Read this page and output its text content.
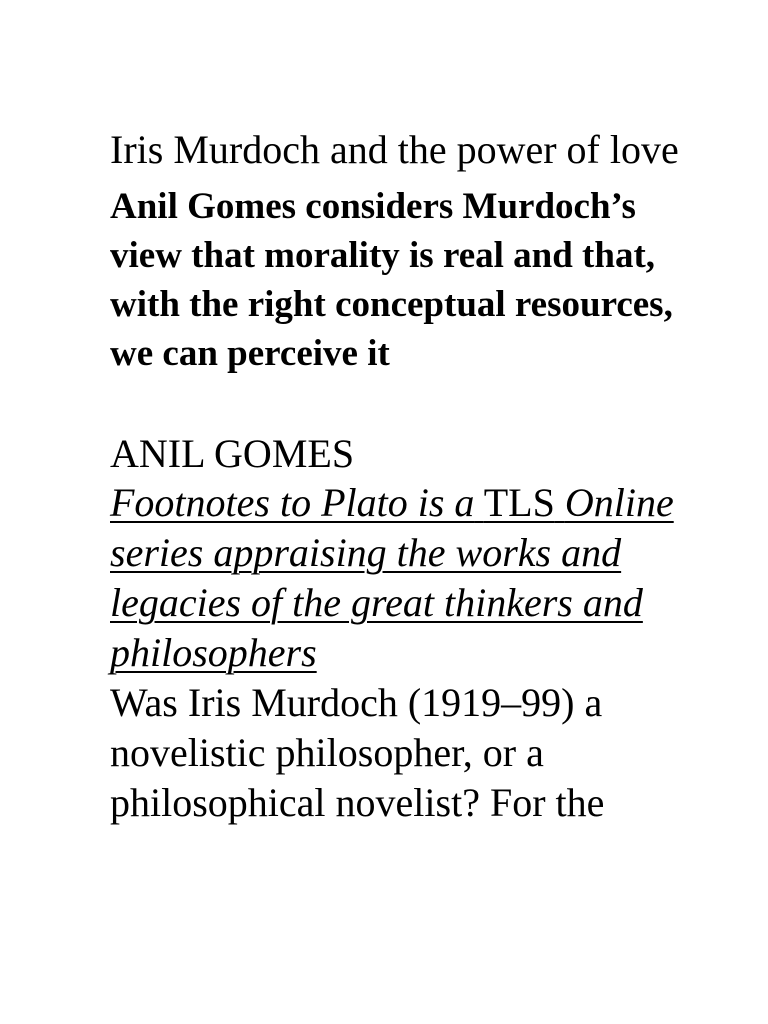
Iris Murdoch and the power of love

Anil Gomes considers Murdoch’s view that morality is real and that, with the right conceptual resources, we can perceive it

ANIL GOMES

Footnotes to Plato is a TLS Online series appraising the works and legacies of the great thinkers and philosophers

Was Iris Murdoch (1919–99) a novelistic philosopher, or a philosophical novelist? For the
